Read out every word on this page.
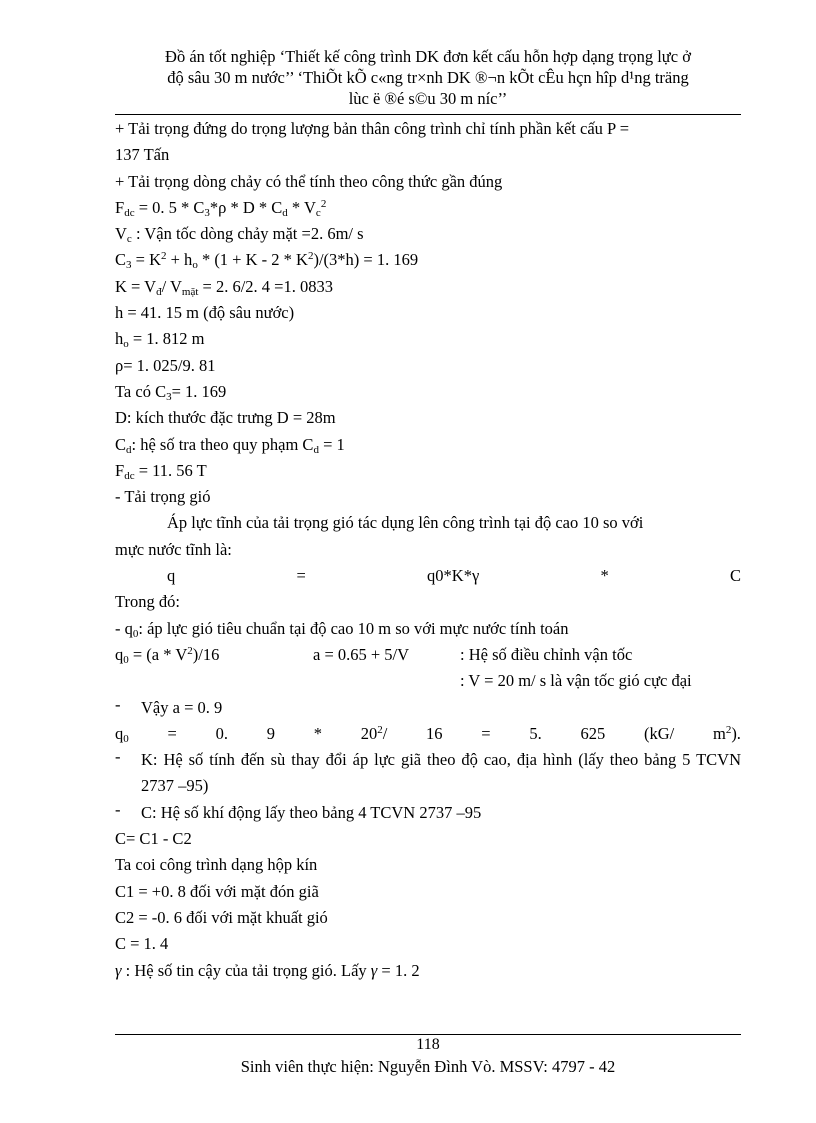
Đồ án tốt nghiệp ‘Thiết kế công trình DK đơn kết cấu hỗn hợp dạng trọng lực ở
độ sâu 30 m nước’’ ‘ThiÕt kÕ c«ng tr×nh DK ®¬n kÕt cÊu hçn hîp d¹ng träng
lùc ë ®é s©u 30 m níc’’
+ Tải trọng đứng do trọng lượng bản thân công trình chỉ tính phần kết cấu P =
137 Tấn
+ Tải trọng dòng chảy có thể tính theo công thức gần đúng
$F_{dc} = 0$. $5 * C_3*\rho$ * D * $C_d * V_c^2$
$V_c$ : Vận tốc dòng chảy mặt =2. 6m/ s
$C_3 = K^2 + h_o * (1 + K - 2 * K^2)/(3*h) = 1$. 169
$K = V_đ/$ $V_{mặt} = 2$. 6/2. 4 =1. 0833
h = 41. 15 m (độ sâu nước)
$h_o = 1$. 812 m
ρ= 1. 025/9. 81
Ta có $C_3= 1$. 169
D: kích thước đặc trưng D = 28m
$C_d$: hệ số tra theo quy phạm $C_d = 1$
$F_{dc} = 11$. 56 T
- Tải trọng gió
Áp lực tĩnh của tải trọng gió tác dụng lên công trình tại độ cao 10 so với
mực nước tĩnh là:
q	=	q0*K*γ	*	C
Trong đó:
- $q_0$: áp lực gió tiêu chuẩn tại độ cao 10 m so với mực nước tính toán
$q_0 = (a * V^2)/16$	a = 0.65 + 5/V	: Hệ số điều chỉnh vận tốc
: V = 20 m/ s là vận tốc gió cực đại
-	Vậy a = 0. 9
$q_0 = 0$. $9 * 20^2/$ 16 = 5. 625 (kG/ $m^2$).
-	K: Hệ số tính đến sù thay đổi áp lực giã theo độ cao, địa hình (lấy theo bảng 5 TCVN 2737 –95)
-	C: Hệ số khí động lấy theo bảng 4 TCVN 2737 –95
C= C1 - C2
Ta coi công trình dạng hộp kín
C1 = +0. 8 đối với mặt đón giã
C2 = -0. 6 đối với mặt khuất gió
C = 1. 4
γ : Hệ số tin cậy của tải trọng gió. Lấy γ = 1. 2
118
Sinh viên thực hiện: Nguyễn Đình Vò. MSSV: 4797 - 42
